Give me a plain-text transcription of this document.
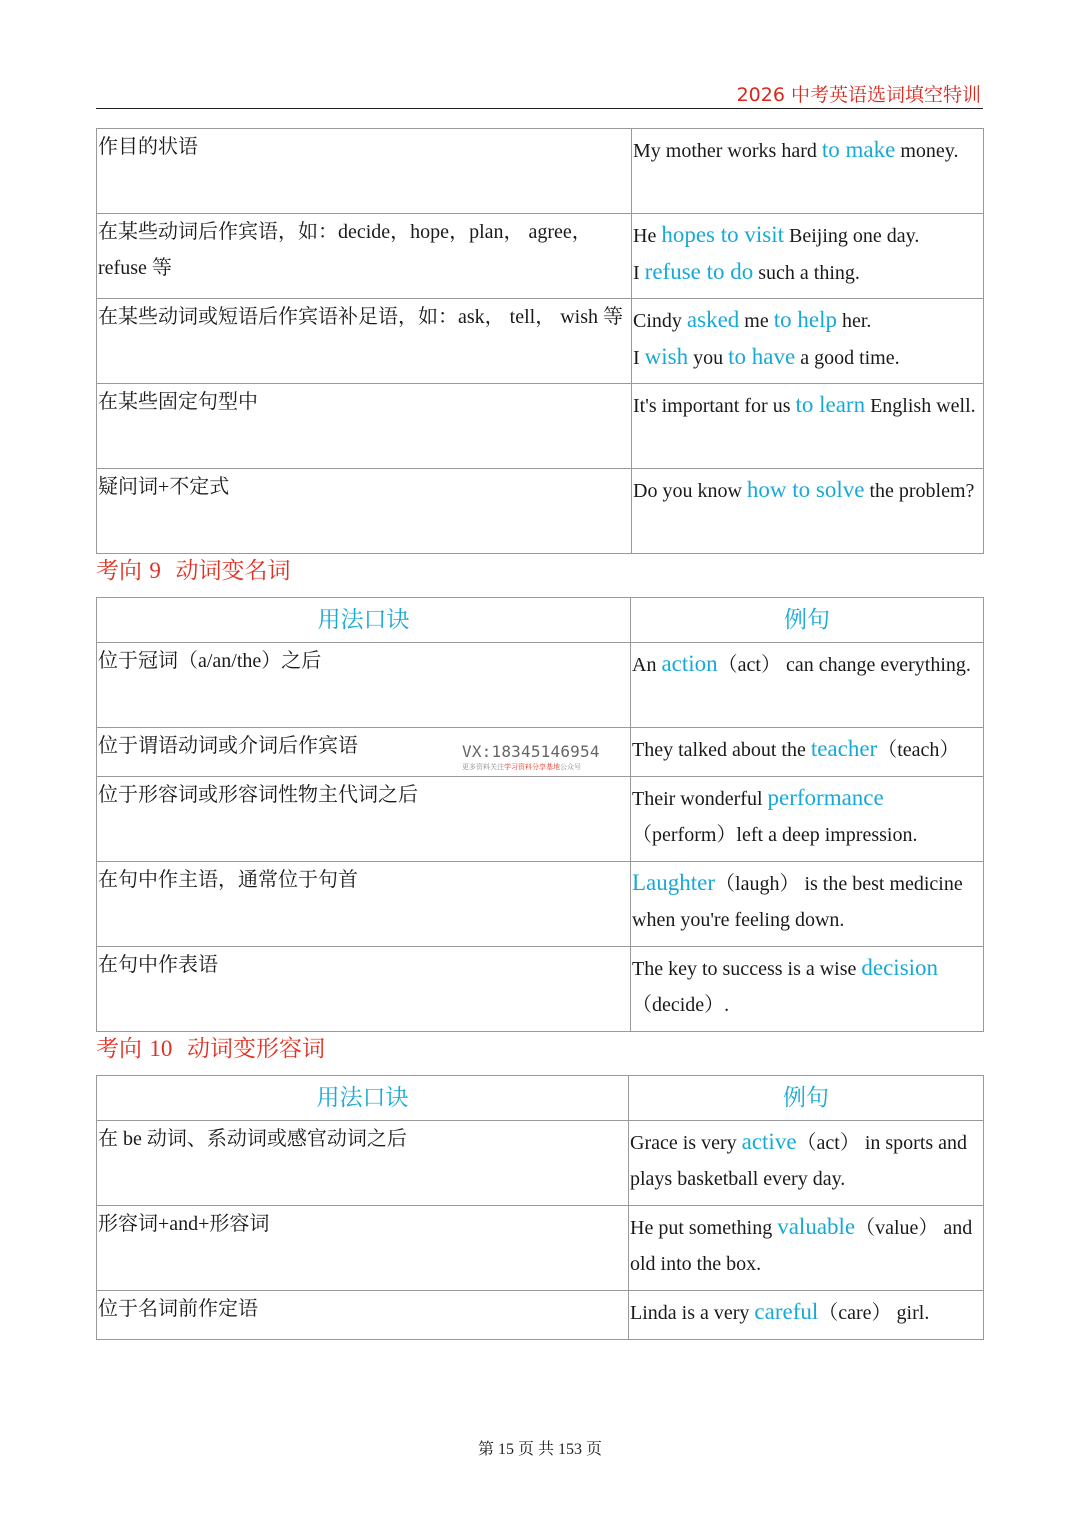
2026 中考英语选词填空特训
作目的状语	My mother works hard to make money.
在某些动词后作宾语，如：decide，hope，plan， agree，refuse 等	He hopes to visit Beijing one day.
I refuse to do such a thing.
在某些动词或短语后作宾语补足语，如：ask， tell， wish 等	Cindy asked me to help her.
I wish you to have a good time.
在某些固定句型中	It's important for us to learn English well.
疑问词+不定式	Do you know how to solve the problem?
考向 9 动词变名词
用法口诀	例句
位于冠词（a/an/the）之后	An action（act） can change everything.
位于谓语动词或介词后作宾语	They talked about the teacher（teach）
位于形容词或形容词性物主代词之后	Their wonderful performance （perform）left a deep impression.
在句中作主语，通常位于句首	Laughter（laugh） is the best medicine when you're feeling down.
在句中作表语	The key to success is a wise decision （decide）.
考向 10 动词变形容词
用法口诀	例句
在 be 动词、系动词或感官动词之后	Grace is very active（act） in sports and plays basketball every day.
形容词+and+形容词	He put something valuable（value） and old into the box.
位于名词前作定语	Linda is a very careful（care） girl.
VX:18345146954
更多资料关注学习资料分享基地公众号
第 15 页 共 153 页
